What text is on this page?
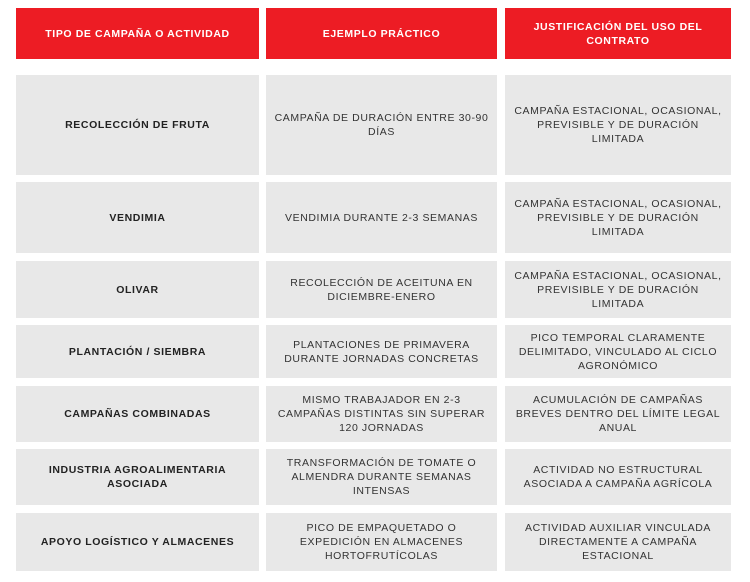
TIPO DE CAMPAÑA O ACTIVIDAD	EJEMPLO PRÁCTICO
JUSTIFICACIÓN DEL USO DEL CONTRATO
RECOLECCIÓN DE FRUTA
CAMPAÑA DE DURACIÓN ENTRE 30-90 DÍAS
CAMPAÑA ESTACIONAL, OCASIONAL, PREVISIBLE Y DE DURACIÓN LIMITADA
VENDIMIA	VENDIMIA DURANTE 2-3 SEMANAS
CAMPAÑA ESTACIONAL, OCASIONAL, PREVISIBLE Y DE DURACIÓN LIMITADA
OLIVAR
RECOLECCIÓN DE ACEITUNA EN DICIEMBRE-ENERO
CAMPAÑA ESTACIONAL, OCASIONAL, PREVISIBLE Y DE DURACIÓN LIMITADA
PLANTACIÓN / SIEMBRA
PLANTACIONES DE PRIMAVERA DURANTE JORNADAS CONCRETAS
PICO TEMPORAL CLARAMENTE DELIMITADO, VINCULADO AL CICLO AGRONÓMICO
CAMPAÑAS COMBINADAS
MISMO TRABAJADOR EN 2-3 CAMPAÑAS DISTINTAS SIN SUPERAR 120 JORNADAS
ACUMULACIÓN DE CAMPAÑAS BREVES DENTRO DEL LÍMITE LEGAL ANUAL
INDUSTRIA AGROALIMENTARIA ASOCIADA
TRANSFORMACIÓN DE TOMATE O ALMENDRA DURANTE SEMANAS INTENSAS
ACTIVIDAD NO ESTRUCTURAL ASOCIADA A CAMPAÑA AGRÍCOLA
APOYO LOGÍSTICO Y ALMACENES
PICO DE EMPAQUETADO O EXPEDICIÓN EN ALMACENES HORTOFRUTÍCOLAS
ACTIVIDAD AUXILIAR VINCULADA DIRECTAMENTE A CAMPAÑA ESTACIONAL
